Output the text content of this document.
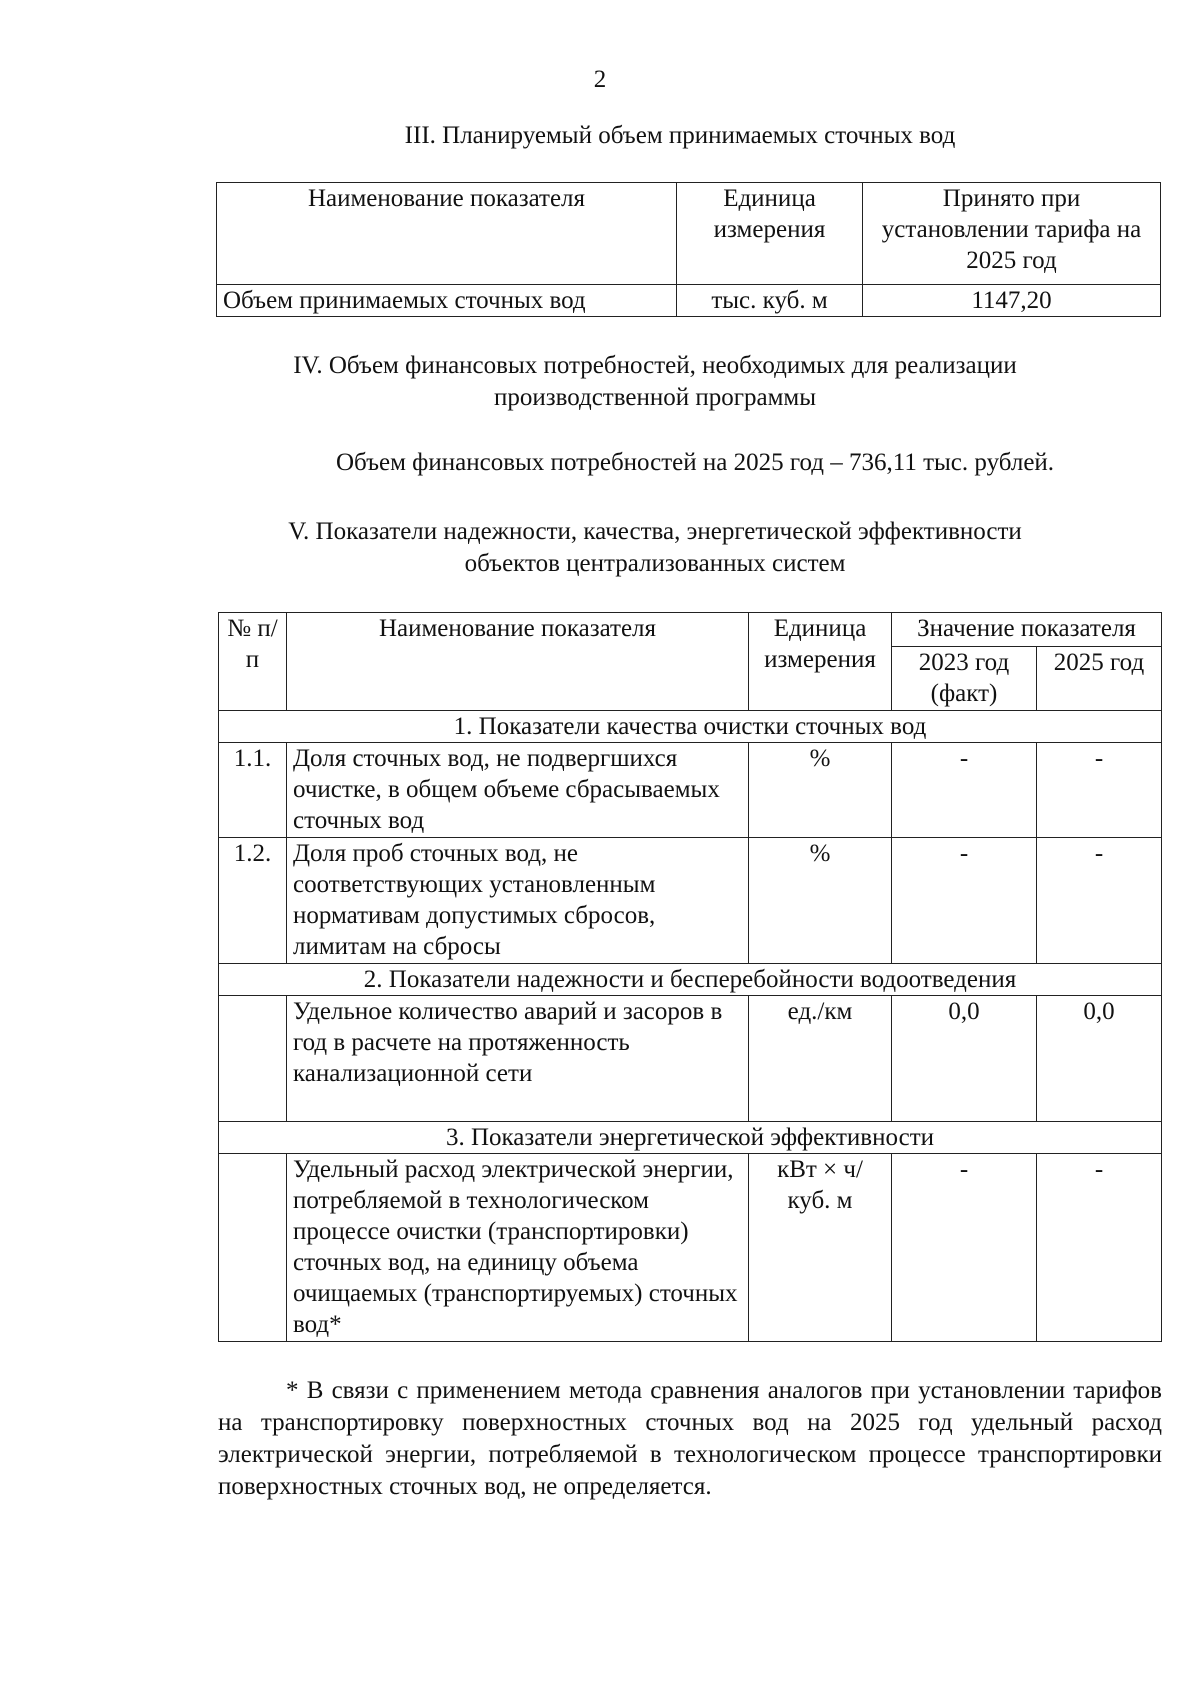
2
III. Планируемый объем принимаемых сточных вод
Наименование показателя	Единица измерения	Принято при установлении тарифа на 2025 год
Объем принимаемых сточных вод	тыс. куб. м	1147,20
IV. Объем финансовых потребностей, необходимых для реализации
производственной программы
Объем финансовых потребностей на 2025 год – 736,11 тыс. рублей.
V. Показатели надежности, качества, энергетической эффективности
объектов централизованных систем
№ п/п	Наименование показателя	Единица измерения	Значение показателя	
			2023 год (факт)	2025 год
1. Показатели качества очистки сточных вод				
1.1.	Доля сточных вод, не подвергшихся очистке, в общем объеме сбрасываемых сточных вод	%	-	-
1.2.	Доля проб сточных вод, не соответствующих установленным нормативам допустимых сбросов, лимитам на сбросы	%	-	-
2. Показатели надежности и бесперебойности водоотведения				
	Удельное количество аварий и засоров в год в расчете на протяженность канализационной сети	ед./км	0,0	0,0
3. Показатели энергетической эффективности				
	Удельный расход электрической энергии, потребляемой в технологическом процессе очистки (транспортировки) сточных вод, на единицу объема очищаемых (транспортируемых) сточных вод*	кВт × ч/ куб. м	-	-
* В связи с применением метода сравнения аналогов при установлении тарифов на транспортировку поверхностных сточных вод на 2025 год удельный расход электрической энергии, потребляемой в технологическом процессе транспортировки поверхностных сточных вод, не определяется.
